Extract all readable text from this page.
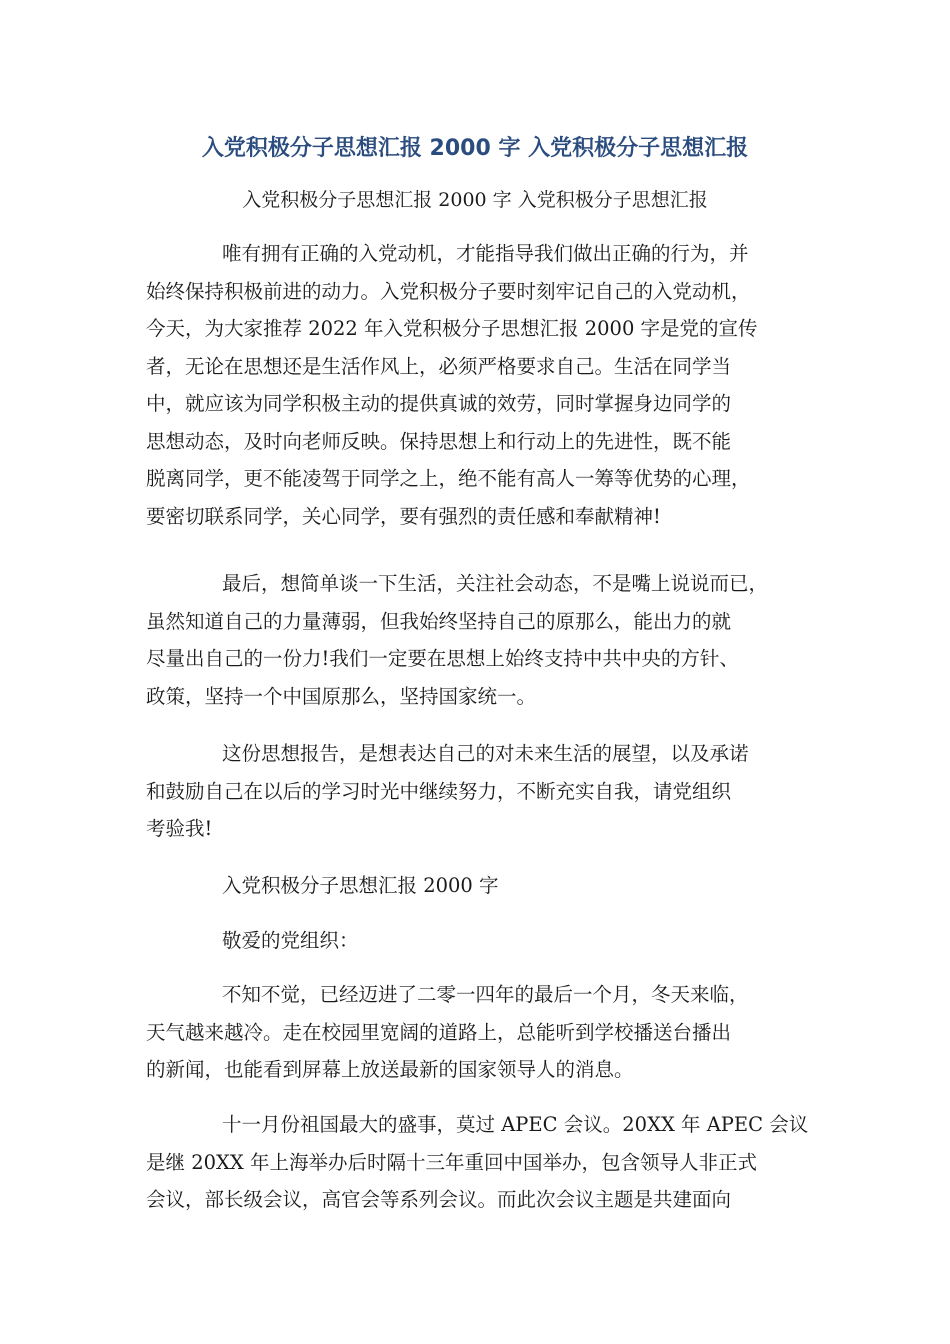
入党积极分子思想汇报 2000 字 入党积极分子思想汇报

入党积极分子思想汇报 2000 字 入党积极分子思想汇报

唯有拥有正确的入党动机，才能指导我们做出正确的行为，并
始终保持积极前进的动力。入党积极分子要时刻牢记自己的入党动机，
今天，为大家推荐 2022 年入党积极分子思想汇报 2000 字是党的宣传
者，无论在思想还是生活作风上，必须严格要求自己。生活在同学当
中，就应该为同学积极主动的提供真诚的效劳，同时掌握身边同学的
思想动态，及时向老师反映。保持思想上和行动上的先进性，既不能
脱离同学，更不能凌驾于同学之上，绝不能有高人一筹等优势的心理，
要密切联系同学，关心同学，要有强烈的责任感和奉献精神!

最后，想简单谈一下生活，关注社会动态，不是嘴上说说而已，
虽然知道自己的力量薄弱，但我始终坚持自己的原那么，能出力的就
尽量出自己的一份力!我们一定要在思想上始终支持中共中央的方针、
政策，坚持一个中国原那么，坚持国家统一。

这份思想报告，是想表达自己的对未来生活的展望，以及承诺
和鼓励自己在以后的学习时光中继续努力，不断充实自我，请党组织
考验我!

入党积极分子思想汇报 2000 字

敬爱的党组织：

不知不觉，已经迈进了二零一四年的最后一个月，冬天来临，
天气越来越冷。走在校园里宽阔的道路上，总能听到学校播送台播出
的新闻，也能看到屏幕上放送最新的国家领导人的消息。

十一月份祖国最大的盛事，莫过 APEC 会议。20XX 年 APEC 会议
是继 20XX 年上海举办后时隔十三年重回中国举办，包含领导人非正式
会议，部长级会议，高官会等系列会议。而此次会议主题是共建面向
